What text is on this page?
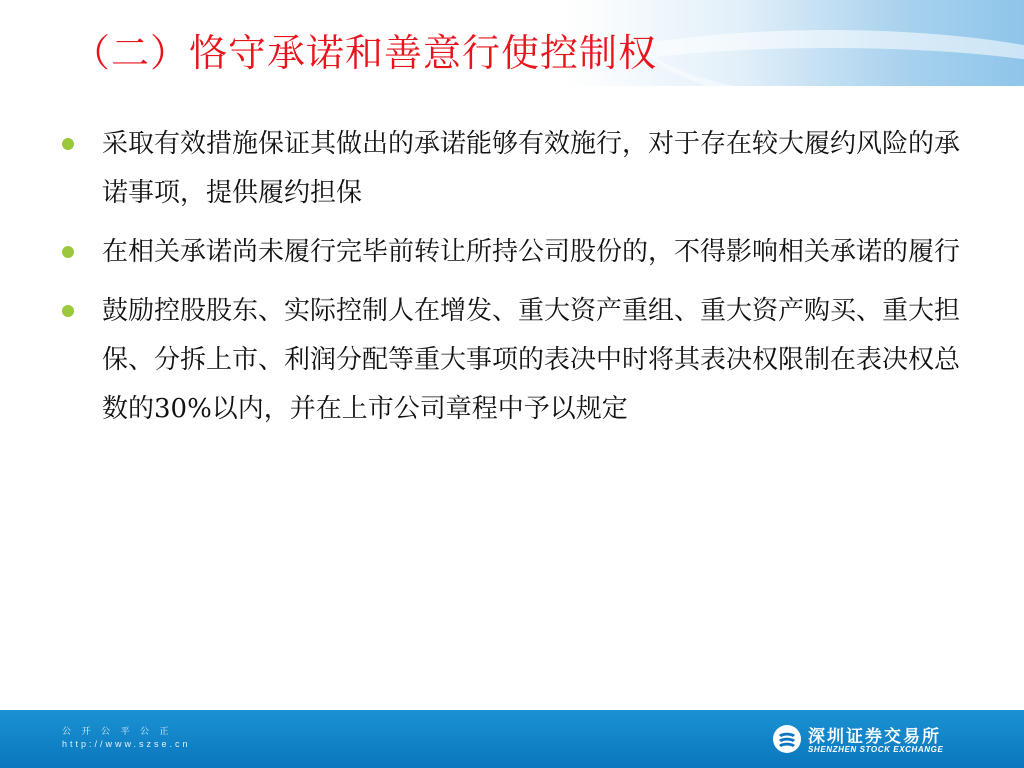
（二）恪守承诺和善意行使控制权
采取有效措施保证其做出的承诺能够有效施行，对于存在较大履约风险的承诺事项，提供履约担保
在相关承诺尚未履行完毕前转让所持公司股份的，不得影响相关承诺的履行
鼓励控股股东、实际控制人在增发、重大资产重组、重大资产购买、重大担保、分拆上市、利润分配等重大事项的表决中时将其表决权限制在表决权总数的30%以内，并在上市公司章程中予以规定
公 开 公 平 公 正
http://www.szse.cn	深圳证券交易所
SHENZHEN STOCK EXCHANGE
